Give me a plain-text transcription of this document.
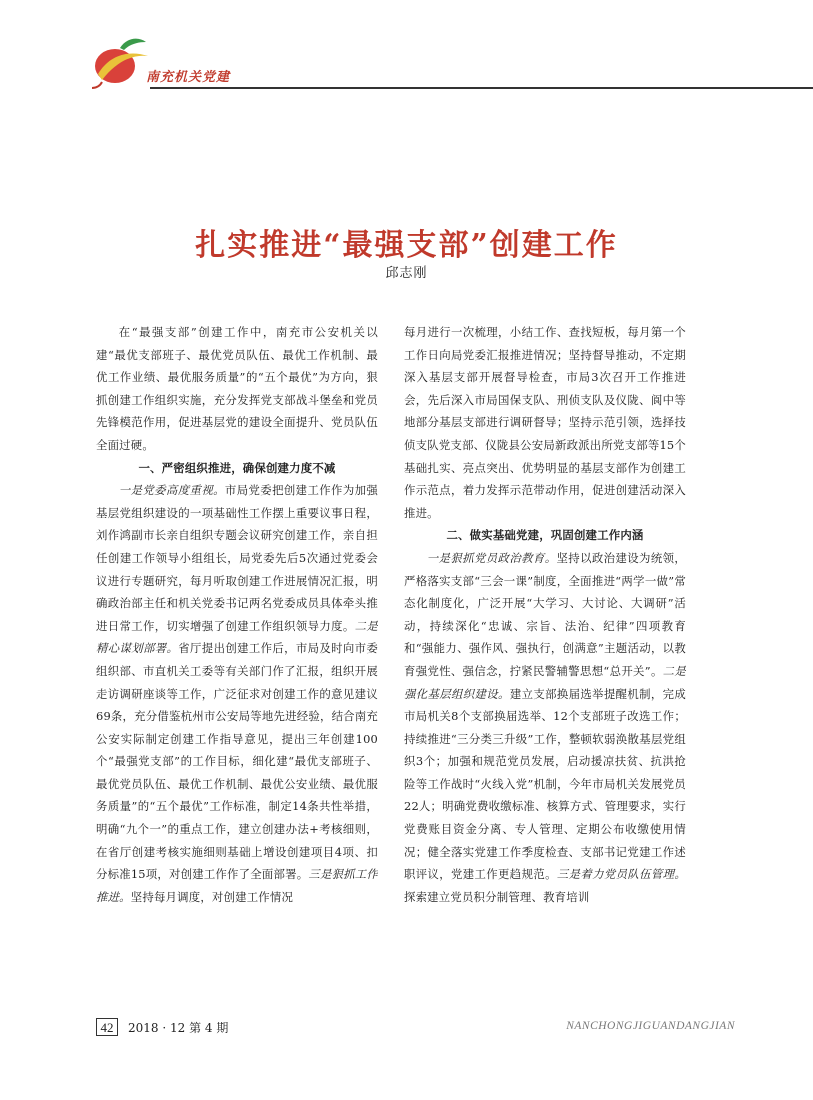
南充机关党建
扎实推进“最强支部”创建工作
邱志刚

在“最强支部”创建工作中，南充市公安机关以建“最优支部班子、最优党员队伍、最优工作机制、最优工作业绩、最优服务质量”的“五个最优”为方向，狠抓创建工作组织实施，充分发挥党支部战斗堡垒和党员先锋模范作用，促进基层党的建设全面提升、党员队伍全面过硬。

一、严密组织推进，确保创建力度不减

一是党委高度重视。市局党委把创建工作作为加强基层党组织建设的一项基础性工作摆上重要议事日程，刘作鸿副市长亲自组织专题会议研究创建工作，亲自担任创建工作领导小组组长，局党委先后5次通过党委会议进行专题研究，每月听取创建工作进展情况汇报，明确政治部主任和机关党委书记两名党委成员具体牵头推进日常工作，切实增强了创建工作组织领导力度。二是精心谋划部署。省厅提出创建工作后，市局及时向市委组织部、市直机关工委等有关部门作了汇报，组织开展走访调研座谈等工作，广泛征求对创建工作的意见建议69条，充分借鉴杭州市公安局等地先进经验，结合南充公安实际制定创建工作指导意见，提出三年创建100个“最强党支部”的工作目标，细化建“最优支部班子、最优党员队伍、最优工作机制、最优公安业绩、最优服务质量”的“五个最优”工作标准，制定14条共性举措，明确“九个一”的重点工作，建立创建办法+考核细则，在省厅创建考核实施细则基础上增设创建项目4项、扣分标准15项，对创建工作作了全面部署。三是狠抓工作推进。坚持每月调度，对创建工作情况

每月进行一次梳理，小结工作、查找短板，每月第一个工作日向局党委汇报推进情况；坚持督导推动，不定期深入基层支部开展督导检查，市局3次召开工作推进会，先后深入市局国保支队、刑侦支队及仪陇、阆中等地部分基层支部进行调研督导；坚持示范引领，选择技侦支队党支部、仪陇县公安局新政派出所党支部等15个基础扎实、亮点突出、优势明显的基层支部作为创建工作示范点，着力发挥示范带动作用，促进创建活动深入推进。

二、做实基础党建，巩固创建工作内涵

一是狠抓党员政治教育。坚持以政治建设为统领，严格落实支部“三会一课”制度，全面推进“两学一做”常态化制度化，广泛开展“大学习、大讨论、大调研”活动，持续深化“忠诚、宗旨、法治、纪律”四项教育和“强能力、强作风、强执行，创满意”主题活动，以教育强党性、强信念，拧紧民警辅警思想“总开关”。二是强化基层组织建设。建立支部换届选举提醒机制，完成市局机关8个支部换届选举、12个支部班子改选工作；持续推进“三分类三升级”工作，整顿软弱涣散基层党组织3个；加强和规范党员发展，启动援凉扶贫、抗洪抢险等工作战时“火线入党”机制，今年市局机关发展党员22人；明确党费收缴标准、核算方式、管理要求，实行党费账目资金分离、专人管理、定期公布收缴使用情况；健全落实党建工作季度检查、支部书记党建工作述职评议，党建工作更趋规范。三是着力党员队伍管理。探索建立党员积分制管理、教育培训

42	2018 · 12 第 4 期	NANCHONGJIGUANDANGJIAN
